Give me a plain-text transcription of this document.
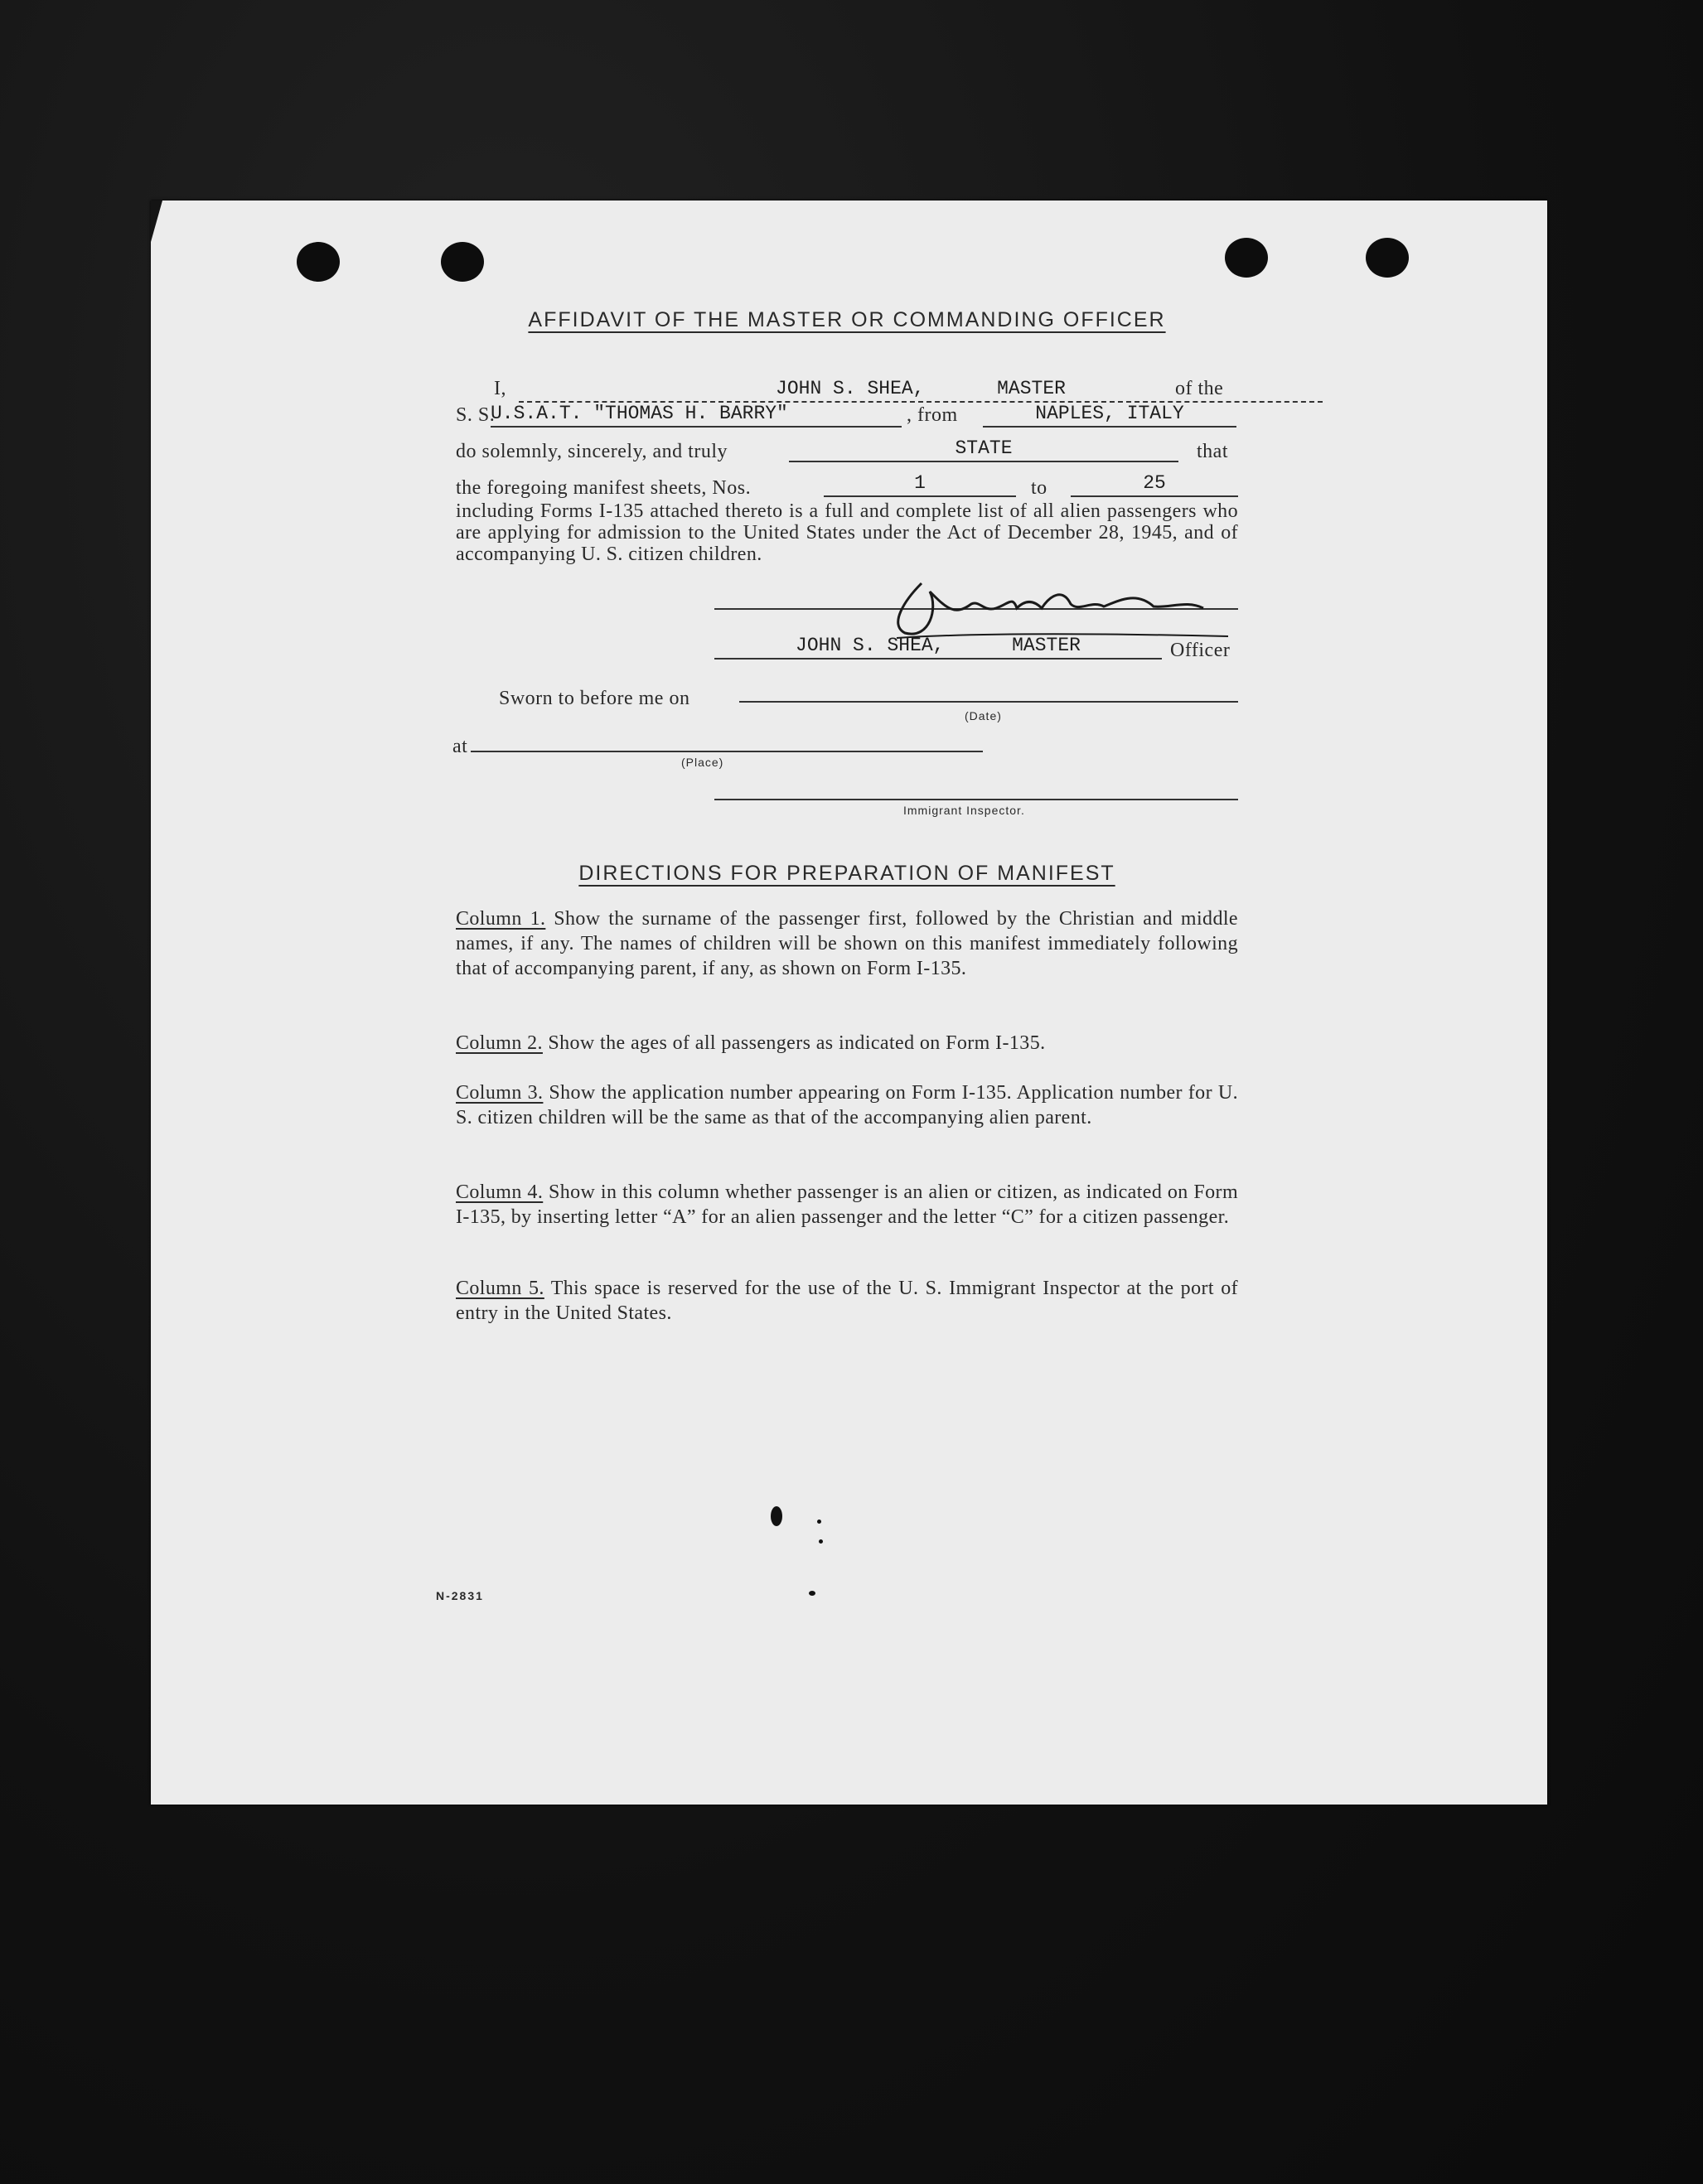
AFFIDAVIT OF THE MASTER OR COMMANDING OFFICER
I,	JOHN S. SHEA,	MASTER	of the
S. S.
U.S.A.T. "THOMAS H. BARRY"	, from	NAPLES, ITALY
do solemnly, sincerely, and truly	STATE	that
the foregoing manifest sheets, Nos.	1	to	25
including Forms I-135 attached thereto is a full and complete list of all alien passengers who are applying for admission to the United States under the Act of December 28, 1945, and of accompanying U. S. citizen children.
JOHN S. SHEA,	MASTER	Officer
Sworn to before me on
(Date)
at
(Place)
Immigrant Inspector.
DIRECTIONS FOR PREPARATION OF MANIFEST
Column 1. Show the surname of the passenger first, followed by the Christian and middle names, if any. The names of children will be shown on this manifest immediately following that of accompanying parent, if any, as shown on Form I-135.
Column 2. Show the ages of all passengers as indicated on Form I-135.
Column 3. Show the application number appearing on Form I-135. Application number for U. S. citizen children will be the same as that of the accompanying alien parent.
Column 4. Show in this column whether passenger is an alien or citizen, as indicated on Form I-135, by inserting letter “A” for an alien passenger and the letter “C” for a citizen passenger.
Column 5. This space is reserved for the use of the U. S. Immigrant Inspector at the port of entry in the United States.
N-2831
